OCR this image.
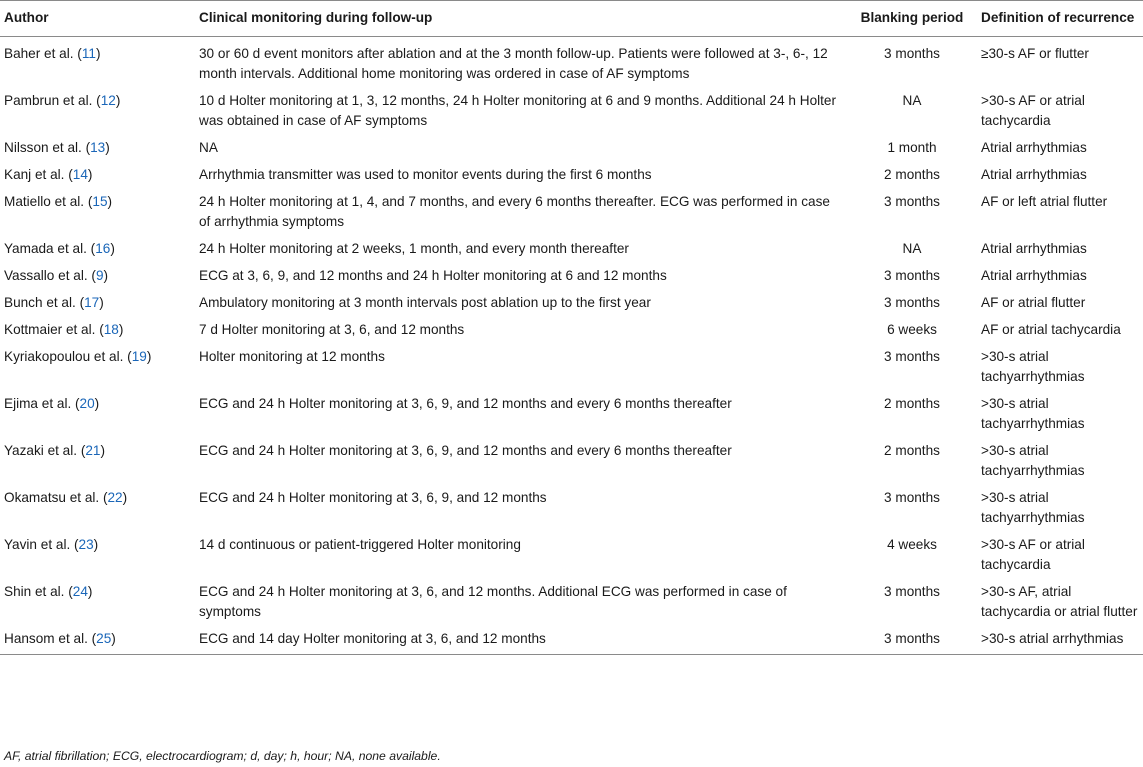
Author	Clinical monitoring during follow-up	Blanking period	Definition of recurrence
Baher et al. (11)	30 or 60 d event monitors after ablation and at the 3 month follow-up. Patients were followed at 3-, 6-, 12 month intervals. Additional home monitoring was ordered in case of AF symptoms	3 months	≥30-s AF or flutter
Pambrun et al. (12)	10 d Holter monitoring at 1, 3, 12 months, 24 h Holter monitoring at 6 and 9 months. Additional 24 h Holter was obtained in case of AF symptoms	NA	>30-s AF or atrial tachycardia
Nilsson et al. (13)	NA	1 month	Atrial arrhythmias
Kanj et al. (14)	Arrhythmia transmitter was used to monitor events during the first 6 months	2 months	Atrial arrhythmias
Matiello et al. (15)	24 h Holter monitoring at 1, 4, and 7 months, and every 6 months thereafter. ECG was performed in case of arrhythmia symptoms	3 months	AF or left atrial flutter
Yamada et al. (16)	24 h Holter monitoring at 2 weeks, 1 month, and every month thereafter	NA	Atrial arrhythmias
Vassallo et al. (9)	ECG at 3, 6, 9, and 12 months and 24 h Holter monitoring at 6 and 12 months	3 months	Atrial arrhythmias
Bunch et al. (17)	Ambulatory monitoring at 3 month intervals post ablation up to the first year	3 months	AF or atrial flutter
Kottmaier et al. (18)	7 d Holter monitoring at 3, 6, and 12 months	6 weeks	AF or atrial tachycardia
Kyriakopoulou et al. (19)	Holter monitoring at 12 months	3 months	>30-s atrial tachyarrhythmias
Ejima et al. (20)	ECG and 24 h Holter monitoring at 3, 6, 9, and 12 months and every 6 months thereafter	2 months	>30-s atrial tachyarrhythmias
Yazaki et al. (21)	ECG and 24 h Holter monitoring at 3, 6, 9, and 12 months and every 6 months thereafter	2 months	>30-s atrial tachyarrhythmias
Okamatsu et al. (22)	ECG and 24 h Holter monitoring at 3, 6, 9, and 12 months	3 months	>30-s atrial tachyarrhythmias
Yavin et al. (23)	14 d continuous or patient-triggered Holter monitoring	4 weeks	>30-s AF or atrial tachycardia
Shin et al. (24)	ECG and 24 h Holter monitoring at 3, 6, and 12 months. Additional ECG was performed in case of symptoms	3 months	>30-s AF, atrial tachycardia or atrial flutter
Hansom et al. (25)	ECG and 14 day Holter monitoring at 3, 6, and 12 months	3 months	>30-s atrial arrhythmias
AF, atrial fibrillation; ECG, electrocardiogram; d, day; h, hour; NA, none available.
